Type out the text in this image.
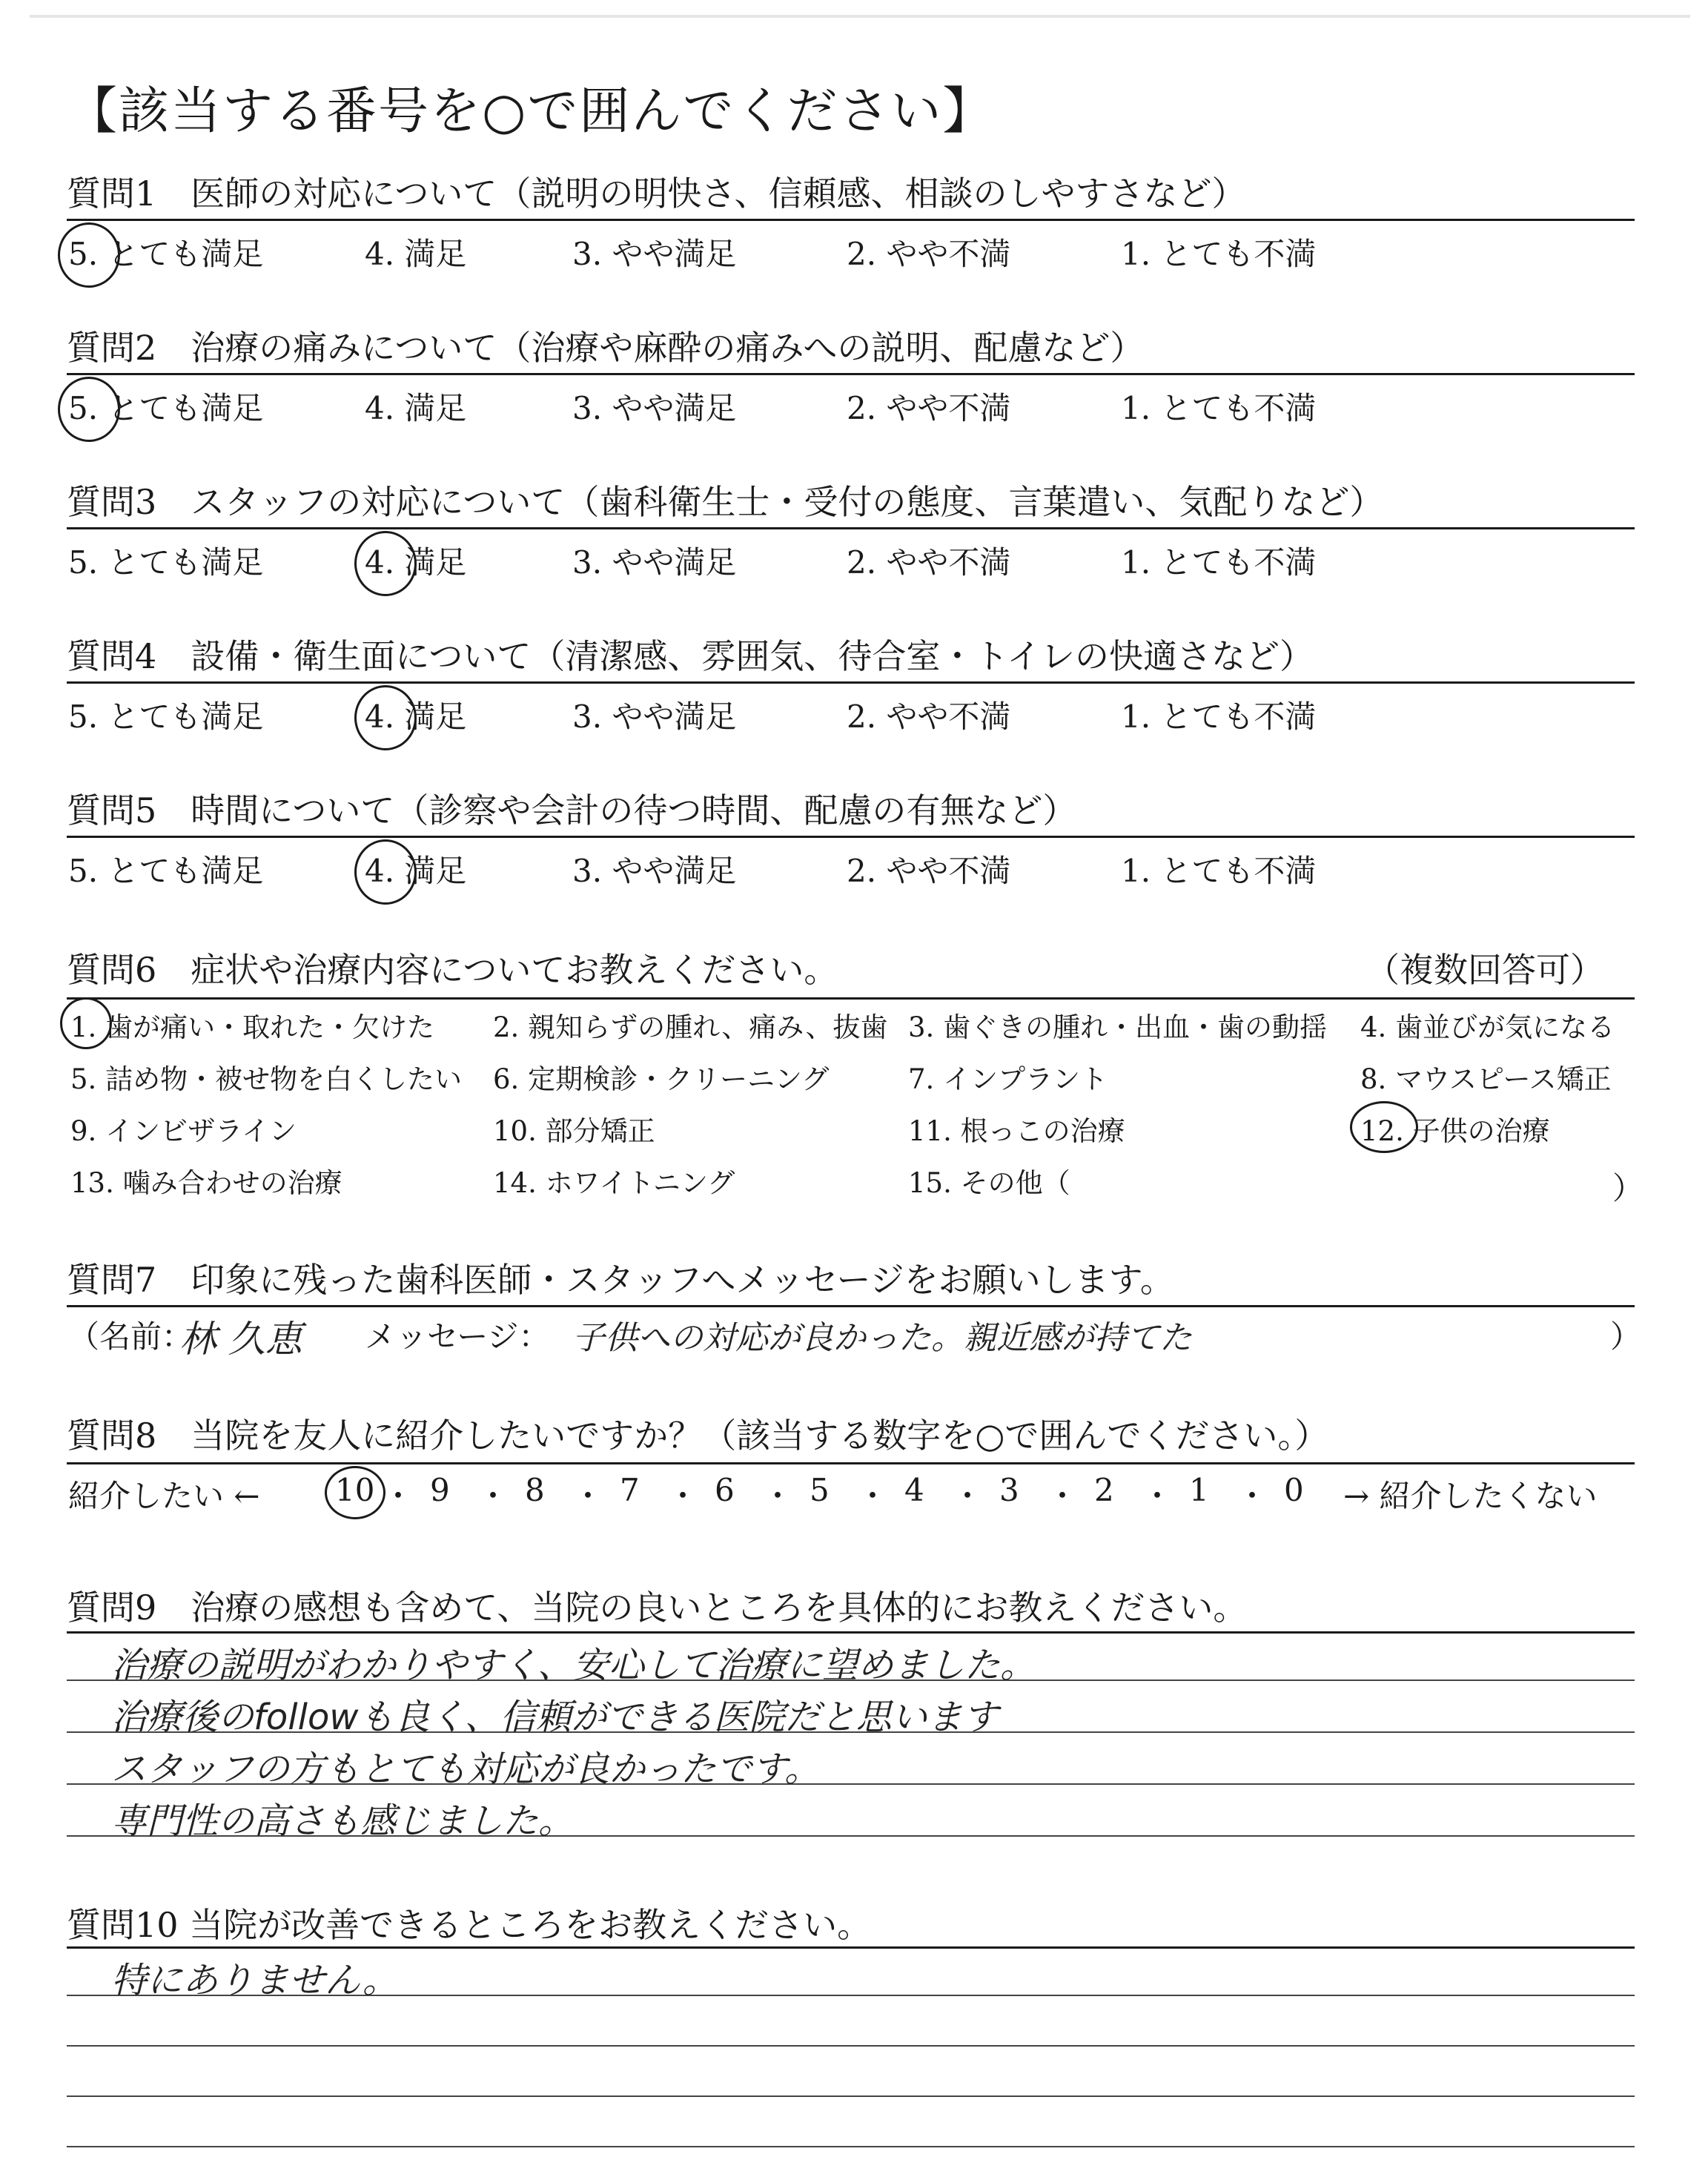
【該当する番号を○で囲んでください】
質問1　医師の対応について（説明の明快さ、信頼感、相談のしやすさなど）
5. とても満足	4. 満足	3. やや満足	2. やや不満	1. とても不満
質問2　治療の痛みについて（治療や麻酔の痛みへの説明、配慮など）
5. とても満足	4. 満足	3. やや満足	2. やや不満	1. とても不満
質問3　スタッフの対応について（歯科衛生士・受付の態度、言葉遣い、気配りなど）
5. とても満足	4. 満足	3. やや満足	2. やや不満	1. とても不満
質問4　設備・衛生面について（清潔感、雰囲気、待合室・トイレの快適さなど）
5. とても満足	4. 満足	3. やや満足	2. やや不満	1. とても不満
質問5　時間について（診察や会計の待つ時間、配慮の有無など）
5. とても満足	4. 満足	3. やや満足	2. やや不満	1. とても不満
質問6　症状や治療内容についてお教えください。	（複数回答可）
1. 歯が痛い・取れた・欠けた 2. 親知らずの腫れ、痛み、抜歯 3. 歯ぐきの腫れ・出血・歯の動揺 4. 歯並びが気になる
5. 詰め物・被せ物を白くしたい 6. 定期検診・クリーニング	7. インプラント	8. マウスピース矯正
9. インビザライン	10. 部分矯正	11. 根っこの治療	12. 子供の治療
13. 噛み合わせの治療	14. ホワイトニング	15. その他（	）
質問7　印象に残った歯科医師・スタッフへメッセージをお願いします。
（名前：
林 久恵 メッセージ： 子供への対応が良かった。親近感が持てた	）
質問8　当院を友人に紹介したいですか？（該当する数字を○で囲んでください。）
紹介したい ←	→ 紹介したくない
10 ・ 9 ・ 8 ・ 7 ・ 6 ・ 5 ・ 4 ・ 3 ・ 2 ・ 1 ・ 0
質問9　治療の感想も含めて、当院の良いところを具体的にお教えください。
治療の説明がわかりやすく、安心して治療に望めました。
治療後のfollowも良く、信頼ができる医院だと思います
スタッフの方もとても対応が良かったです。
専門性の高さも感じました。
質問10 当院が改善できるところをお教えください。
特にありません。
